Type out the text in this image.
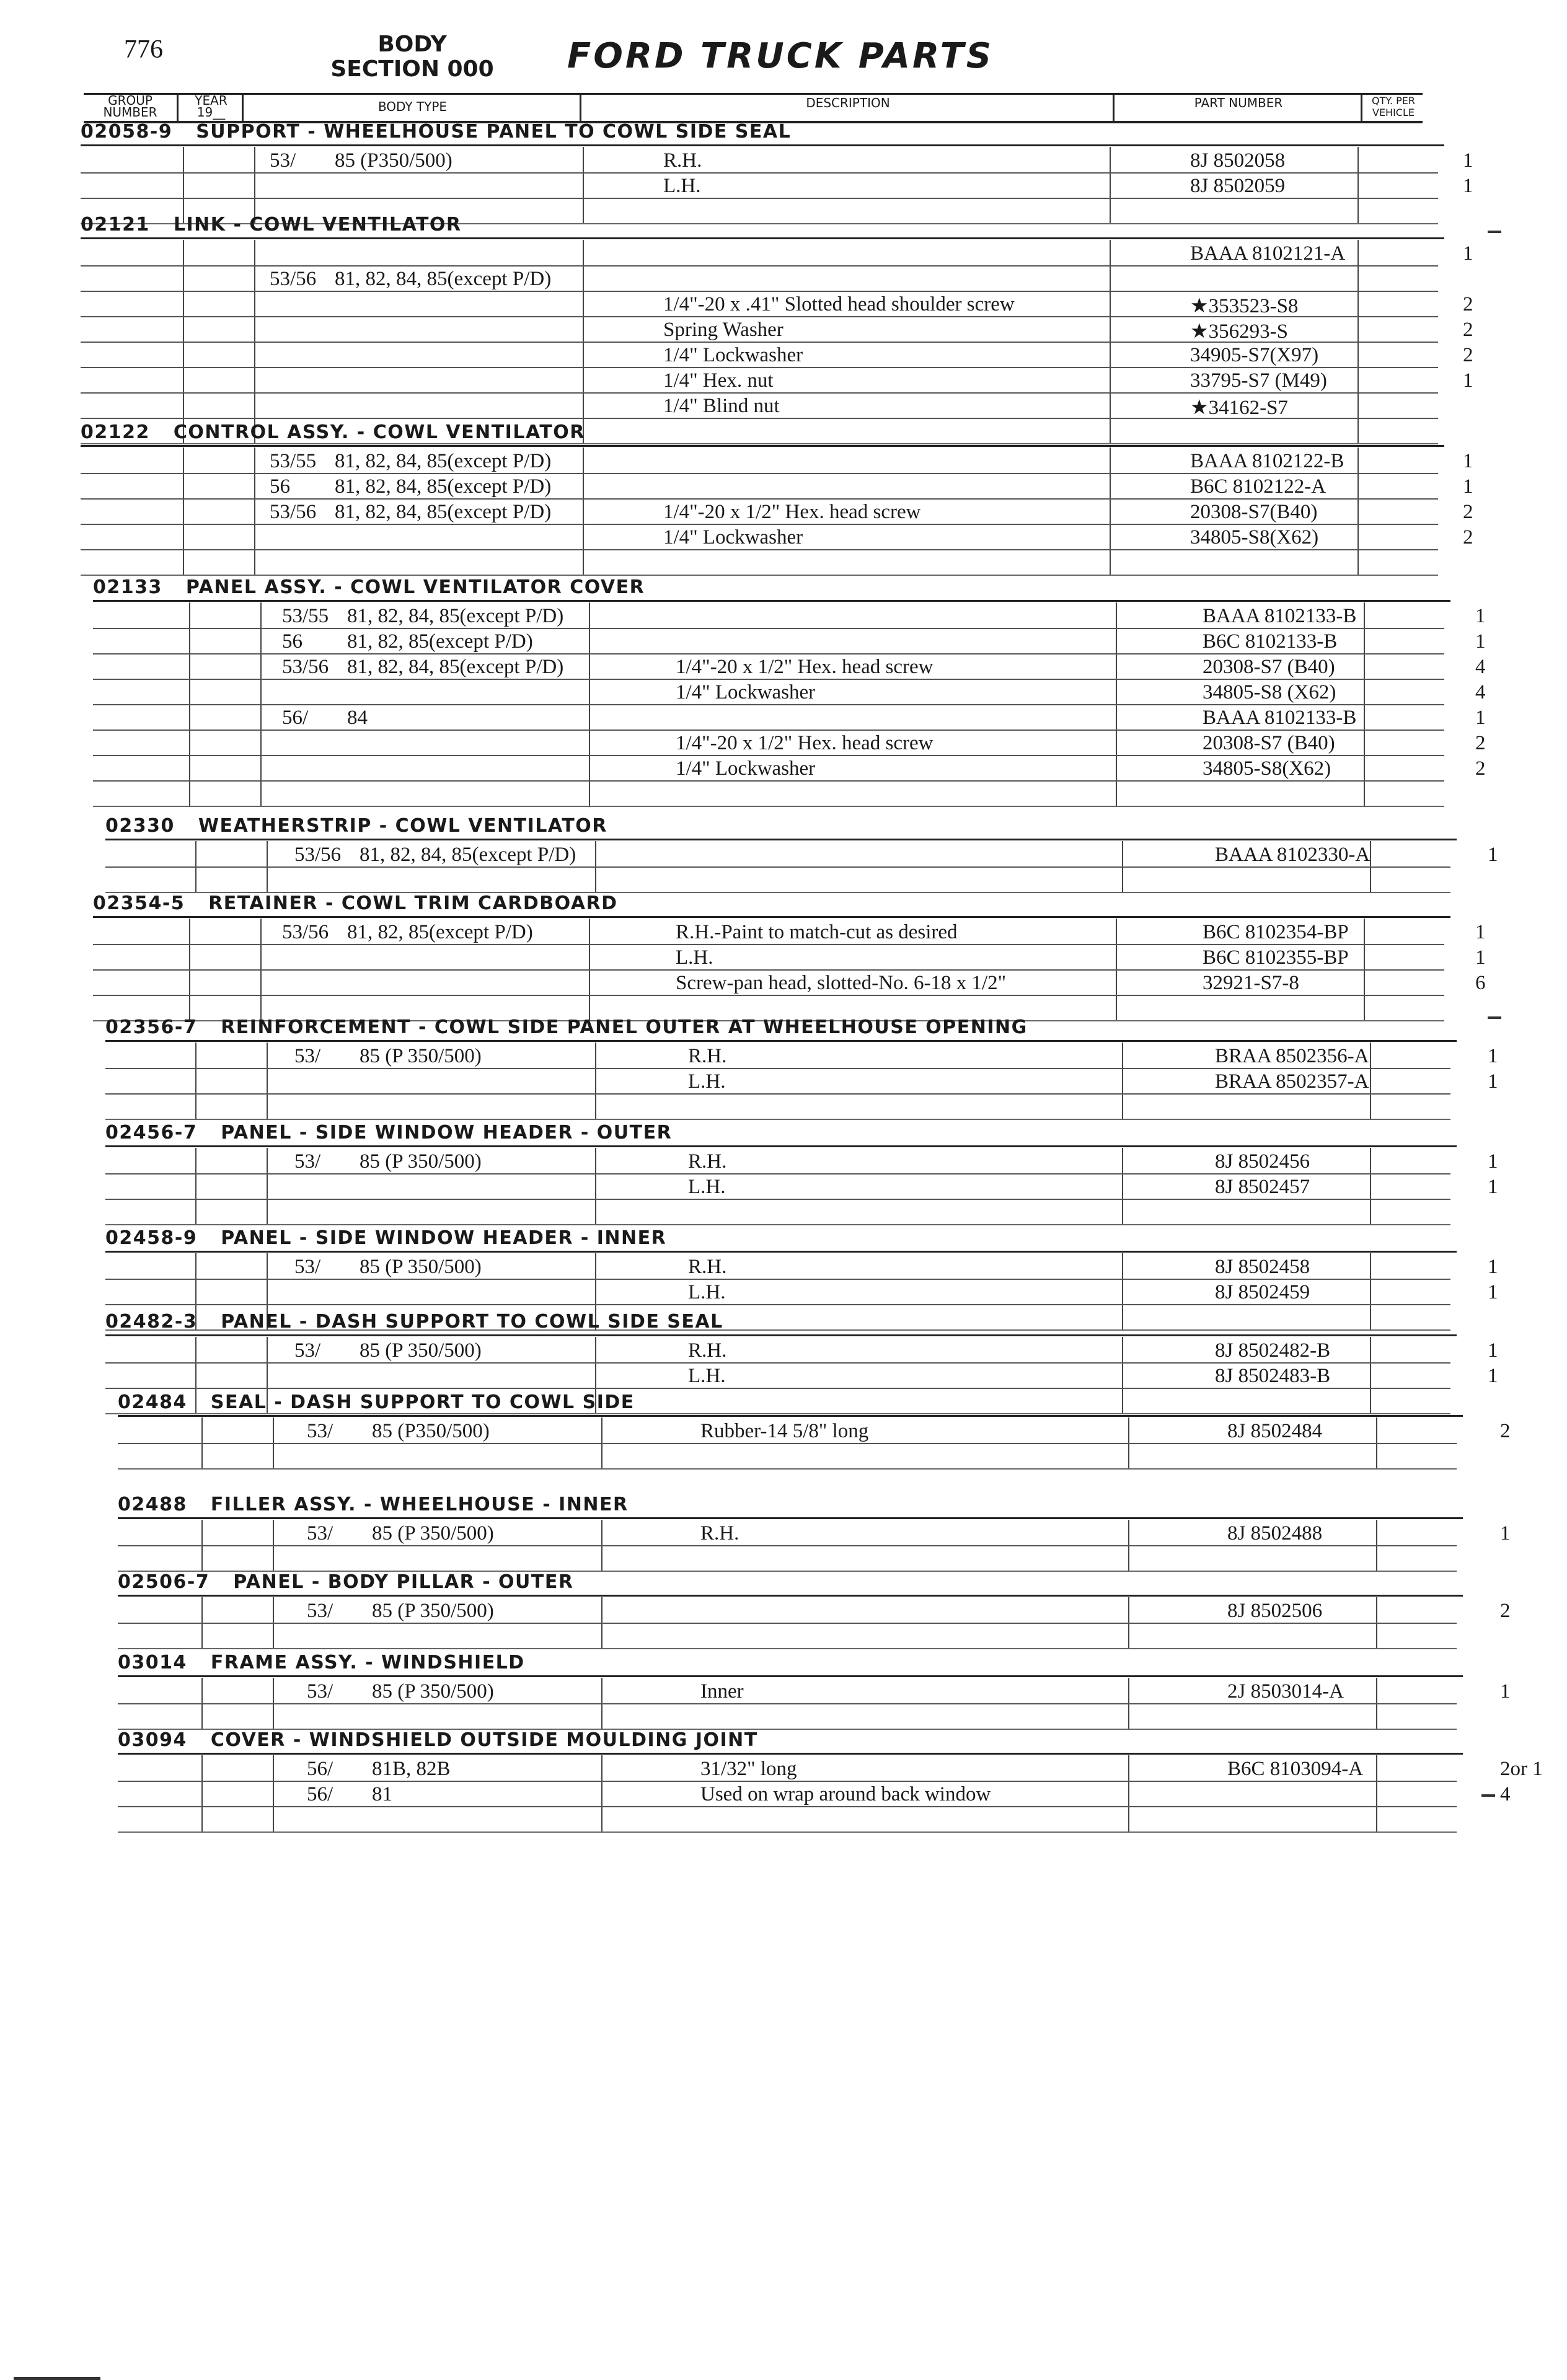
776	BODY
SECTION 000	FORD TRUCK PARTS
GROUP
NUMBER
YEAR
19__	BODY TYPE	DESCRIPTION	PART NUMBER	QTY. PER
VEHICLE
02058-9 SUPPORT - WHEELHOUSE PANEL TO COWL SIDE SEAL
53/ 85 (P350/500)	R.H.	8J 8502058	1
L.H.	8J 8502059	1
02121 LINK - COWL VENTILATOR
BAAA 8102121-A	1
53/56 81, 82, 84, 85(except P/D)
1/4"-20 x .41" Slotted head shoulder screw	★353523-S8	2
Spring Washer	★356293-S	2
1/4" Lockwasher	34905-S7(X97)	2
1/4" Hex. nut	33795-S7 (M49)	1
1/4" Blind nut	★34162-S7
02122 CONTROL ASSY. - COWL VENTILATOR
53/55 81, 82, 84, 85(except P/D)	BAAA 8102122-B	1
56 81, 82, 84, 85(except P/D)	B6C 8102122-A	1
53/56 81, 82, 84, 85(except P/D)	1/4"-20 x 1/2" Hex. head screw	20308-S7(B40)	2
1/4" Lockwasher	34805-S8(X62)	2
02133 PANEL ASSY. - COWL VENTILATOR COVER
53/55 81, 82, 84, 85(except P/D)	BAAA 8102133-B	1
56 81, 82, 85(except P/D)	B6C 8102133-B	1
53/56 81, 82, 84, 85(except P/D)	1/4"-20 x 1/2" Hex. head screw	20308-S7 (B40)	4
1/4" Lockwasher	34805-S8 (X62)	4
56/ 84	BAAA 8102133-B	1
1/4"-20 x 1/2" Hex. head screw	20308-S7 (B40)	2
1/4" Lockwasher	34805-S8(X62)	2
02330 WEATHERSTRIP - COWL VENTILATOR
53/56 81, 82, 84, 85(except P/D)	BAAA 8102330-A	1
02354-5 RETAINER - COWL TRIM CARDBOARD
53/56 81, 82, 85(except P/D)	R.H.-Paint to match-cut as desired	B6C 8102354-BP	1
L.H.	B6C 8102355-BP	1
Screw-pan head, slotted-No. 6-18 x 1/2"	32921-S7-8	6
02356-7 REINFORCEMENT - COWL SIDE PANEL OUTER AT WHEELHOUSE OPENING
53/ 85 (P 350/500)	R.H.	BRAA 8502356-A	1
L.H.	BRAA 8502357-A	1
02456-7 PANEL - SIDE WINDOW HEADER - OUTER
53/ 85 (P 350/500)	R.H.	8J 8502456	1
L.H.	8J 8502457	1
02458-9 PANEL - SIDE WINDOW HEADER - INNER
53/ 85 (P 350/500)	R.H.	8J 8502458	1
L.H.	8J 8502459	1
02482-3 PANEL - DASH SUPPORT TO COWL SIDE SEAL
53/ 85 (P 350/500)	R.H.	8J 8502482-B	1
L.H.	8J 8502483-B	1
02484 SEAL - DASH SUPPORT TO COWL SIDE
53/ 85 (P350/500)	Rubber-14 5/8" long	8J 8502484	2
02488 FILLER ASSY. - WHEELHOUSE - INNER
53/ 85 (P 350/500)	R.H.	8J 8502488	1
02506-7 PANEL - BODY PILLAR - OUTER
53/ 85 (P 350/500)	8J 8502506	2
03014 FRAME ASSY. - WINDSHIELD
53/ 85 (P 350/500)	Inner	2J 8503014-A	1
03094 COVER - WINDSHIELD OUTSIDE MOULDING JOINT
56/ 81B, 82B	31/32" long	B6C 8103094-A	2or 1
56/ 81	Used on wrap around back window	4
